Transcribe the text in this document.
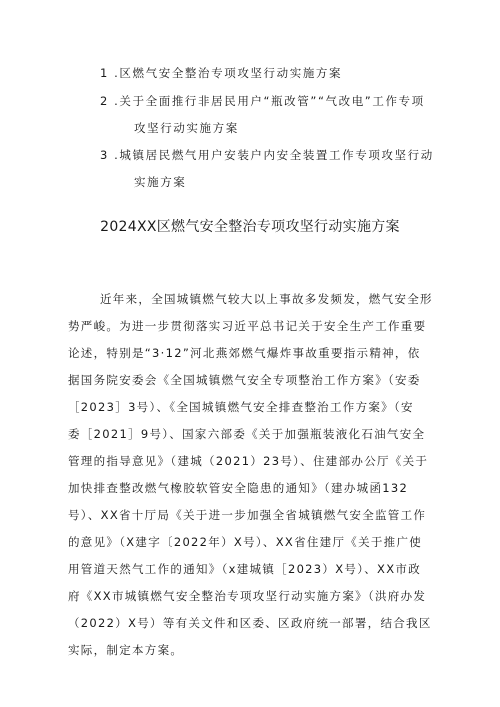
1 .区燃气安全整治专项攻坚行动实施方案
2 .关于全面推行非居民用户“瓶改管”“气改电”工作专项
攻坚行动实施方案
3 .城镇居民燃气用户安装户内安全装置工作专项攻坚行动
实施方案
2024XX区燃气安全整治专项攻坚行动实施方案
近年来，全国城镇燃气较大以上事故多发频发，燃气安全形
势严峻。为进一步贯彻落实习近平总书记关于安全生产工作重要
论述，特别是“3·12”河北燕郊燃气爆炸事故重要指示精神，依
据国务院安委会《全国城镇燃气安全专项整治工作方案》（安委
［2023］3号）、《全国城镇燃气安全排查整治工作方案》（安
委［2021］9号）、国家六部委《关于加强瓶装液化石油气安全
管理的指导意见》（建城（2021）23号）、住建部办公厅《关于
加快排查整改燃气橡胶软管安全隐患的通知》（建办城函132
号）、XX省十厅局《关于进一步加强全省城镇燃气安全监管工作
的意见》（X建字〔2022年）X号）、XX省住建厅《关于推广使
用管道天然气工作的通知》（x建城镇［2023）X号）、XX市政
府《XX市城镇燃气安全整治专项攻坚行动实施方案》（洪府办发
（2022）X号）等有关文件和区委、区政府统一部署，结合我区
实际，制定本方案。
